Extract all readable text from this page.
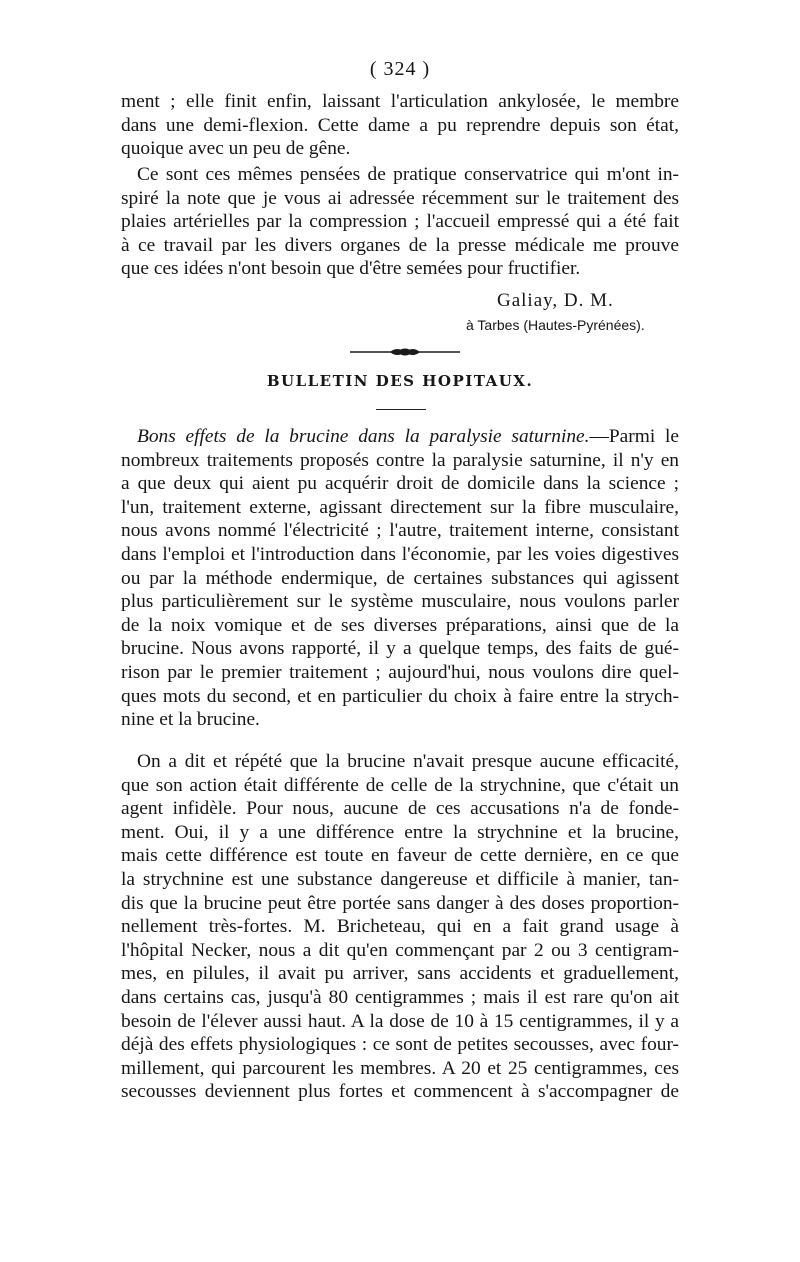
( 324 )
ment ; elle finit enfin, laissant l'articulation ankylosée, le membre
dans une demi-flexion. Cette dame a pu reprendre depuis son état,
quoique avec un peu de gêne.
Ce sont ces mêmes pensées de pratique conservatrice qui m'ont in-
spiré la note que je vous ai adressée récemment sur le traitement des
plaies artérielles par la compression ; l'accueil empressé qui a été fait
à ce travail par les divers organes de la presse médicale me prouve
que ces idées n'ont besoin que d'être semées pour fructifier.
Galiay, D. M.
à Tarbes (Hautes-Pyrénées).
BULLETIN DES HOPITAUX.
Bons effets de la brucine dans la paralysie saturnine.—Parmi le
nombreux traitements proposés contre la paralysie saturnine, il n'y en
a que deux qui aient pu acquérir droit de domicile dans la science ;
l'un, traitement externe, agissant directement sur la fibre musculaire,
nous avons nommé l'électricité ; l'autre, traitement interne, consistant
dans l'emploi et l'introduction dans l'économie, par les voies digestives
ou par la méthode endermique, de certaines substances qui agissent
plus particulièrement sur le système musculaire, nous voulons parler
de la noix vomique et de ses diverses préparations, ainsi que de la
brucine. Nous avons rapporté, il y a quelque temps, des faits de gué-
rison par le premier traitement ; aujourd'hui, nous voulons dire quel-
ques mots du second, et en particulier du choix à faire entre la strych-
nine et la brucine.
On a dit et répété que la brucine n'avait presque aucune efficacité,
que son action était différente de celle de la strychnine, que c'était un
agent infidèle. Pour nous, aucune de ces accusations n'a de fonde-
ment. Oui, il y a une différence entre la strychnine et la brucine,
mais cette différence est toute en faveur de cette dernière, en ce que
la strychnine est une substance dangereuse et difficile à manier, tan-
dis que la brucine peut être portée sans danger à des doses proportion-
nellement très-fortes. M. Bricheteau, qui en a fait grand usage à
l'hôpital Necker, nous a dit qu'en commençant par 2 ou 3 centigram-
mes, en pilules, il avait pu arriver, sans accidents et graduellement,
dans certains cas, jusqu'à 80 centigrammes ; mais il est rare qu'on ait
besoin de l'élever aussi haut. A la dose de 10 à 15 centigrammes, il y a
déjà des effets physiologiques : ce sont de petites secousses, avec four-
millement, qui parcourent les membres. A 20 et 25 centigrammes, ces
secousses deviennent plus fortes et commencent à s'accompagner de
